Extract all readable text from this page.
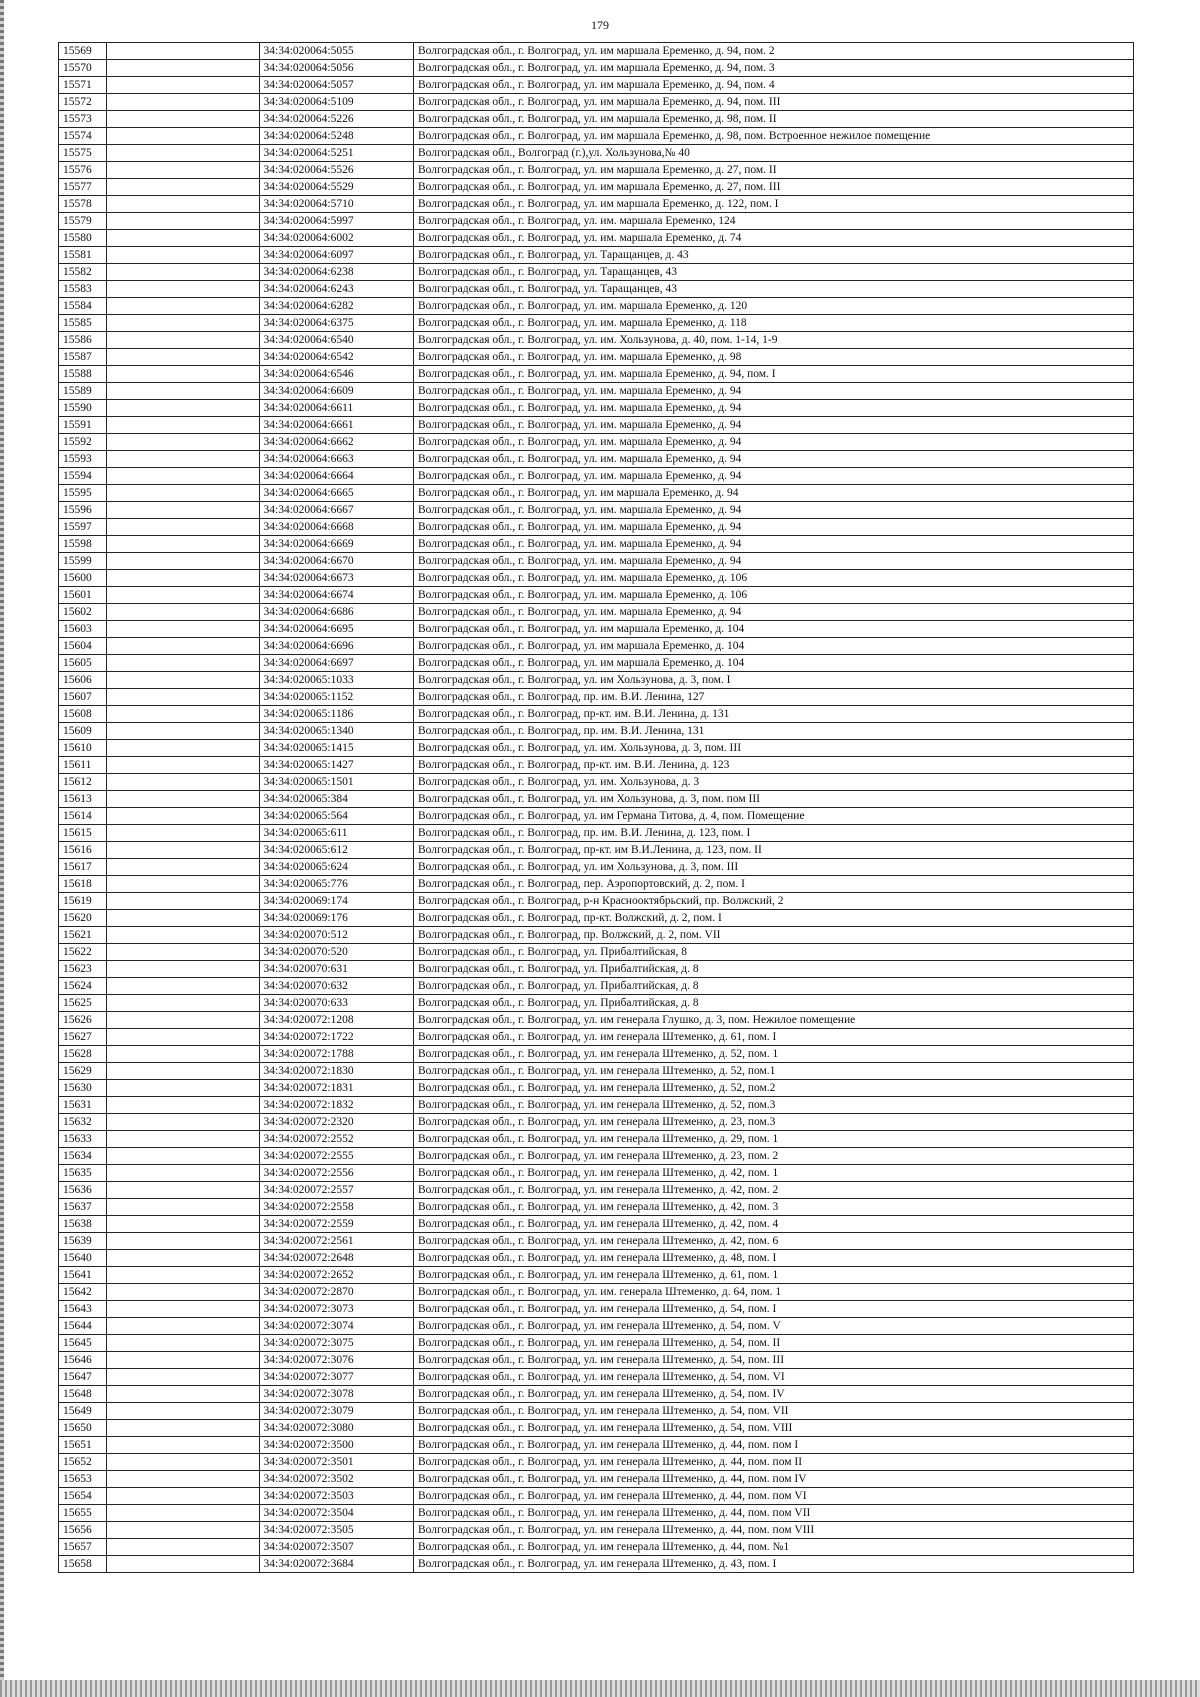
179
15569		34:34:020064:5055	Волгоградская обл., г. Волгоград, ул. им маршала Еременко, д. 94, пом. 2
15570		34:34:020064:5056	Волгоградская обл., г. Волгоград, ул. им маршала Еременко, д. 94, пом. 3
15571		34:34:020064:5057	Волгоградская обл., г. Волгоград, ул. им маршала Еременко, д. 94, пом. 4
15572		34:34:020064:5109	Волгоградская обл., г. Волгоград, ул. им маршала Еременко, д. 94, пом. III
15573		34:34:020064:5226	Волгоградская обл., г. Волгоград, ул. им маршала Еременко, д. 98, пом. II
15574		34:34:020064:5248	Волгоградская обл., г. Волгоград, ул. им маршала Еременко, д. 98, пом. Встроенное нежилое помещение
15575		34:34:020064:5251	Волгоградская обл., Волгоград (г.),ул. Хользунова,№ 40
15576		34:34:020064:5526	Волгоградская обл., г. Волгоград, ул. им маршала Еременко, д. 27, пом. II
15577		34:34:020064:5529	Волгоградская обл., г. Волгоград, ул. им маршала Еременко, д. 27, пом. III
15578		34:34:020064:5710	Волгоградская обл., г. Волгоград, ул. им маршала Еременко, д. 122, пом. I
15579		34:34:020064:5997	Волгоградская обл., г. Волгоград, ул. им. маршала Еременко, 124
15580		34:34:020064:6002	Волгоградская обл., г. Волгоград, ул. им. маршала Еременко, д. 74
15581		34:34:020064:6097	Волгоградская обл., г. Волгоград, ул. Таращанцев, д. 43
15582		34:34:020064:6238	Волгоградская обл., г. Волгоград, ул. Таращанцев, 43
15583		34:34:020064:6243	Волгоградская обл., г. Волгоград, ул. Таращанцев, 43
15584		34:34:020064:6282	Волгоградская обл., г. Волгоград, ул. им. маршала Еременко, д. 120
15585		34:34:020064:6375	Волгоградская обл., г. Волгоград, ул. им. маршала Еременко, д. 118
15586		34:34:020064:6540	Волгоградская обл., г. Волгоград, ул. им. Хользунова, д. 40, пом. 1-14, 1-9
15587		34:34:020064:6542	Волгоградская обл., г. Волгоград, ул. им. маршала Еременко, д. 98
15588		34:34:020064:6546	Волгоградская обл., г. Волгоград, ул. им. маршала Еременко, д. 94, пом. I
15589		34:34:020064:6609	Волгоградская обл., г. Волгоград, ул. им. маршала Еременко, д. 94
15590		34:34:020064:6611	Волгоградская обл., г. Волгоград, ул. им. маршала Еременко, д. 94
15591		34:34:020064:6661	Волгоградская обл., г. Волгоград, ул. им. маршала Еременко, д. 94
15592		34:34:020064:6662	Волгоградская обл., г. Волгоград, ул. им. маршала Еременко, д. 94
15593		34:34:020064:6663	Волгоградская обл., г. Волгоград, ул. им. маршала Еременко, д. 94
15594		34:34:020064:6664	Волгоградская обл., г. Волгоград, ул. им. маршала Еременко, д. 94
15595		34:34:020064:6665	Волгоградская обл., г. Волгоград, ул. им маршала Еременко, д. 94
15596		34:34:020064:6667	Волгоградская обл., г. Волгоград, ул. им. маршала Еременко, д. 94
15597		34:34:020064:6668	Волгоградская обл., г. Волгоград, ул. им. маршала Еременко, д. 94
15598		34:34:020064:6669	Волгоградская обл., г. Волгоград, ул. им. маршала Еременко, д. 94
15599		34:34:020064:6670	Волгоградская обл., г. Волгоград, ул. им. маршала Еременко, д. 94
15600		34:34:020064:6673	Волгоградская обл., г. Волгоград, ул. им. маршала Еременко, д. 106
15601		34:34:020064:6674	Волгоградская обл., г. Волгоград, ул. им. маршала Еременко, д. 106
15602		34:34:020064:6686	Волгоградская обл., г. Волгоград, ул. им. маршала Еременко, д. 94
15603		34:34:020064:6695	Волгоградская обл., г. Волгоград, ул. им маршала Еременко, д. 104
15604		34:34:020064:6696	Волгоградская обл., г. Волгоград, ул. им маршала Еременко, д. 104
15605		34:34:020064:6697	Волгоградская обл., г. Волгоград, ул. им маршала Еременко, д. 104
15606		34:34:020065:1033	Волгоградская обл., г. Волгоград, ул. им Хользунова, д. 3, пом. I
15607		34:34:020065:1152	Волгоградская обл., г. Волгоград, пр. им. В.И. Ленина, 127
15608		34:34:020065:1186	Волгоградская обл., г. Волгоград, пр-кт. им. В.И. Ленина, д. 131
15609		34:34:020065:1340	Волгоградская обл., г. Волгоград, пр. им. В.И. Ленина, 131
15610		34:34:020065:1415	Волгоградская обл., г. Волгоград, ул. им. Хользунова, д. 3, пом. III
15611		34:34:020065:1427	Волгоградская обл., г. Волгоград, пр-кт. им. В.И. Ленина, д. 123
15612		34:34:020065:1501	Волгоградская обл., г. Волгоград, ул. им. Хользунова, д. 3
15613		34:34:020065:384	Волгоградская обл., г. Волгоград, ул. им Хользунова, д. 3, пом. пом III
15614		34:34:020065:564	Волгоградская обл., г. Волгоград, ул. им Германа Титова, д. 4, пом. Помещение
15615		34:34:020065:611	Волгоградская обл., г. Волгоград, пр. им. В.И. Ленина, д. 123, пом. I
15616		34:34:020065:612	Волгоградская обл., г. Волгоград, пр-кт. им В.И.Ленина, д. 123, пом. II
15617		34:34:020065:624	Волгоградская обл., г. Волгоград, ул. им Хользунова, д. 3, пом. III
15618		34:34:020065:776	Волгоградская обл., г. Волгоград, пер. Аэропортовский, д. 2, пом. I
15619		34:34:020069:174	Волгоградская обл., г. Волгоград, р-н Краснооктябрьский, пр. Волжский, 2
15620		34:34:020069:176	Волгоградская обл., г. Волгоград, пр-кт. Волжский, д. 2, пом. I
15621		34:34:020070:512	Волгоградская обл., г. Волгоград, пр. Волжский, д. 2, пом. VII
15622		34:34:020070:520	Волгоградская обл., г. Волгоград, ул. Прибалтийская, 8
15623		34:34:020070:631	Волгоградская обл., г. Волгоград, ул. Прибалтийская, д. 8
15624		34:34:020070:632	Волгоградская обл., г. Волгоград, ул. Прибалтийская, д. 8
15625		34:34:020070:633	Волгоградская обл., г. Волгоград, ул. Прибалтийская, д. 8
15626		34:34:020072:1208	Волгоградская обл., г. Волгоград, ул. им генерала Глушко, д. 3, пом. Нежилое помещение
15627		34:34:020072:1722	Волгоградская обл., г. Волгоград, ул. им генерала Штеменко, д. 61, пом. I
15628		34:34:020072:1788	Волгоградская обл., г. Волгоград, ул. им генерала Штеменко, д. 52, пом. 1
15629		34:34:020072:1830	Волгоградская обл., г. Волгоград, ул. им генерала Штеменко, д. 52, пом.1
15630		34:34:020072:1831	Волгоградская обл., г. Волгоград, ул. им генерала Штеменко, д. 52, пом.2
15631		34:34:020072:1832	Волгоградская обл., г. Волгоград, ул. им генерала Штеменко, д. 52, пом.3
15632		34:34:020072:2320	Волгоградская обл., г. Волгоград, ул. им генерала Штеменко, д. 23, пом.3
15633		34:34:020072:2552	Волгоградская обл., г. Волгоград, ул. им генерала Штеменко, д. 29, пом. 1
15634		34:34:020072:2555	Волгоградская обл., г. Волгоград, ул. им генерала Штеменко, д. 23, пом. 2
15635		34:34:020072:2556	Волгоградская обл., г. Волгоград, ул. им генерала Штеменко, д. 42, пом. 1
15636		34:34:020072:2557	Волгоградская обл., г. Волгоград, ул. им генерала Штеменко, д. 42, пом. 2
15637		34:34:020072:2558	Волгоградская обл., г. Волгоград, ул. им генерала Штеменко, д. 42, пом. 3
15638		34:34:020072:2559	Волгоградская обл., г. Волгоград, ул. им генерала Штеменко, д. 42, пом. 4
15639		34:34:020072:2561	Волгоградская обл., г. Волгоград, ул. им генерала Штеменко, д. 42, пом. 6
15640		34:34:020072:2648	Волгоградская обл., г. Волгоград, ул. им генерала Штеменко, д. 48, пом. I
15641		34:34:020072:2652	Волгоградская обл., г. Волгоград, ул. им генерала Штеменко, д. 61, пом. 1
15642		34:34:020072:2870	Волгоградская обл., г. Волгоград, ул. им. генерала Штеменко, д. 64, пом. 1
15643		34:34:020072:3073	Волгоградская обл., г. Волгоград, ул. им генерала Штеменко, д. 54, пом. I
15644		34:34:020072:3074	Волгоградская обл., г. Волгоград, ул. им генерала Штеменко, д. 54, пом. V
15645		34:34:020072:3075	Волгоградская обл., г. Волгоград, ул. им генерала Штеменко, д. 54, пом. II
15646		34:34:020072:3076	Волгоградская обл., г. Волгоград, ул. им генерала Штеменко, д. 54, пом. III
15647		34:34:020072:3077	Волгоградская обл., г. Волгоград, ул. им генерала Штеменко, д. 54, пом. VI
15648		34:34:020072:3078	Волгоградская обл., г. Волгоград, ул. им генерала Штеменко, д. 54, пом. IV
15649		34:34:020072:3079	Волгоградская обл., г. Волгоград, ул. им генерала Штеменко, д. 54, пом. VII
15650		34:34:020072:3080	Волгоградская обл., г. Волгоград, ул. им генерала Штеменко, д. 54, пом. VIII
15651		34:34:020072:3500	Волгоградская обл., г. Волгоград, ул. им генерала Штеменко, д. 44, пом. пом I
15652		34:34:020072:3501	Волгоградская обл., г. Волгоград, ул. им генерала Штеменко, д. 44, пом. пом II
15653		34:34:020072:3502	Волгоградская обл., г. Волгоград, ул. им генерала Штеменко, д. 44, пом. пом IV
15654		34:34:020072:3503	Волгоградская обл., г. Волгоград, ул. им генерала Штеменко, д. 44, пом. пом VI
15655		34:34:020072:3504	Волгоградская обл., г. Волгоград, ул. им генерала Штеменко, д. 44, пом. пом VII
15656		34:34:020072:3505	Волгоградская обл., г. Волгоград, ул. им генерала Штеменко, д. 44, пом. пом VIII
15657		34:34:020072:3507	Волгоградская обл., г. Волгоград, ул. им генерала Штеменко, д. 44, пом. №1
15658		34:34:020072:3684	Волгоградская обл., г. Волгоград, ул. им генерала Штеменко, д. 43, пом. I
